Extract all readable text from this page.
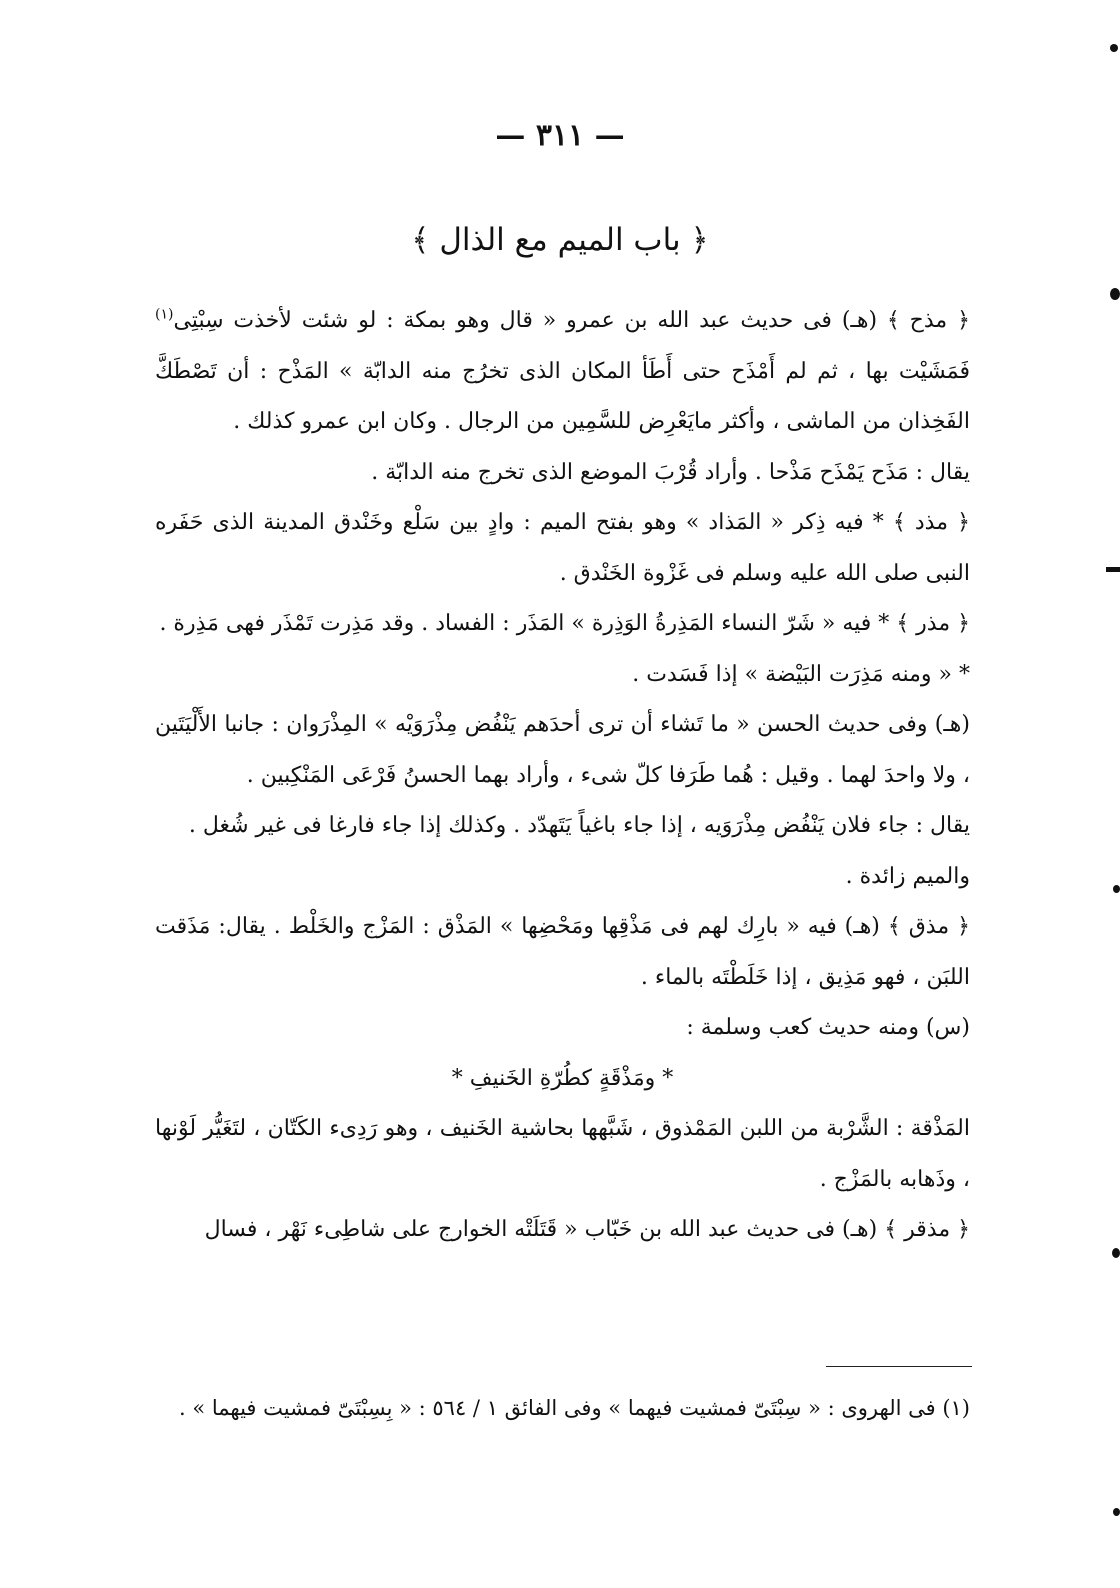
— ٣١١ —
﴿ باب الميم مع الذال ﴾

﴿ مذح ﴾ (هـ) فى حديث عبد الله بن عمرو « قال وهو بمكة : لو شئت لأخذت سِبْتِى$^{(١)}$ فَمَشَيْت بها ، ثم لم أَمْذَح حتى أَطَأ المكان الذى تخرُج منه الدابّة » المَذْح : أن تَصْطَكَّ الفَخِذان من الماشى ، وأكثر مايَعْرِض للسَّمِين من الرجال . وكان ابن عمرو كذلك .

يقال : مَذَح يَمْذَح مَذْحا . وأراد قُرْبَ الموضع الذى تخرج منه الدابّة .

﴿ مذد ﴾ * فيه ذِكر « المَذاد » وهو بفتح الميم : وادٍ بين سَلْع وخَنْدق المدينة الذى حَفَره النبى صلى الله عليه وسلم فى غَزْوة الخَنْدق .

﴿ مذر ﴾ * فيه « شَرّ النساء المَذِرةُ الوَذِرة » المَذَر : الفساد . وقد مَذِرت تَمْذَر فهى مَذِرة .

* « ومنه مَذِرَت البَيْضة » إذا فَسَدت .

(هـ) وفى حديث الحسن « ما تَشاء أن ترى أحدَهم يَنْفُض مِذْرَوَيْه » المِذْرَوان : جانبا الأَلْيَتَين ، ولا واحدَ لهما . وقيل : هُما طَرَفا كلّ شىء ، وأراد بهما الحسنُ فَرْعَى المَنْكِبين .

يقال : جاء فلان يَنْفُض مِذْرَوَيه ، إذا جاء باغياً يَتَهدّد . وكذلك إذا جاء فارغا فى غير شُغل .

والميم زائدة .

﴿ مذق ﴾ (هـ) فيه « بارِك لهم فى مَذْقِها ومَحْضِها » المَذْق : المَزْج والخَلْط . يقال: مَذَقت اللبَن ، فهو مَذِيق ، إذا خَلَطْتَه بالماء .

(س) ومنه حديث كعب وسلمة :

* ومَذْقَةٍ كطُرّةِ الخَنيفِ *

المَذْقة : الشَّرْبة من اللبن المَمْذوق ، شَبَّهها بحاشية الخَنيف ، وهو رَدِىء الكَتّان ، لتَغَيُّر لَوْنها ، وذَهابه بالمَزْج .

﴿ مذقر ﴾ (هـ) فى حديث عبد الله بن خَبّاب « قَتَلَتْه الخوارج على شاطِىء نَهْر ، فسال

(١) فى الهروى : « سِبْتَىّ فمشيت فيهما » وفى الفائق ١ / ٥٦٤ : « بِسِبْتَىّ فمشيت فيهما » .
